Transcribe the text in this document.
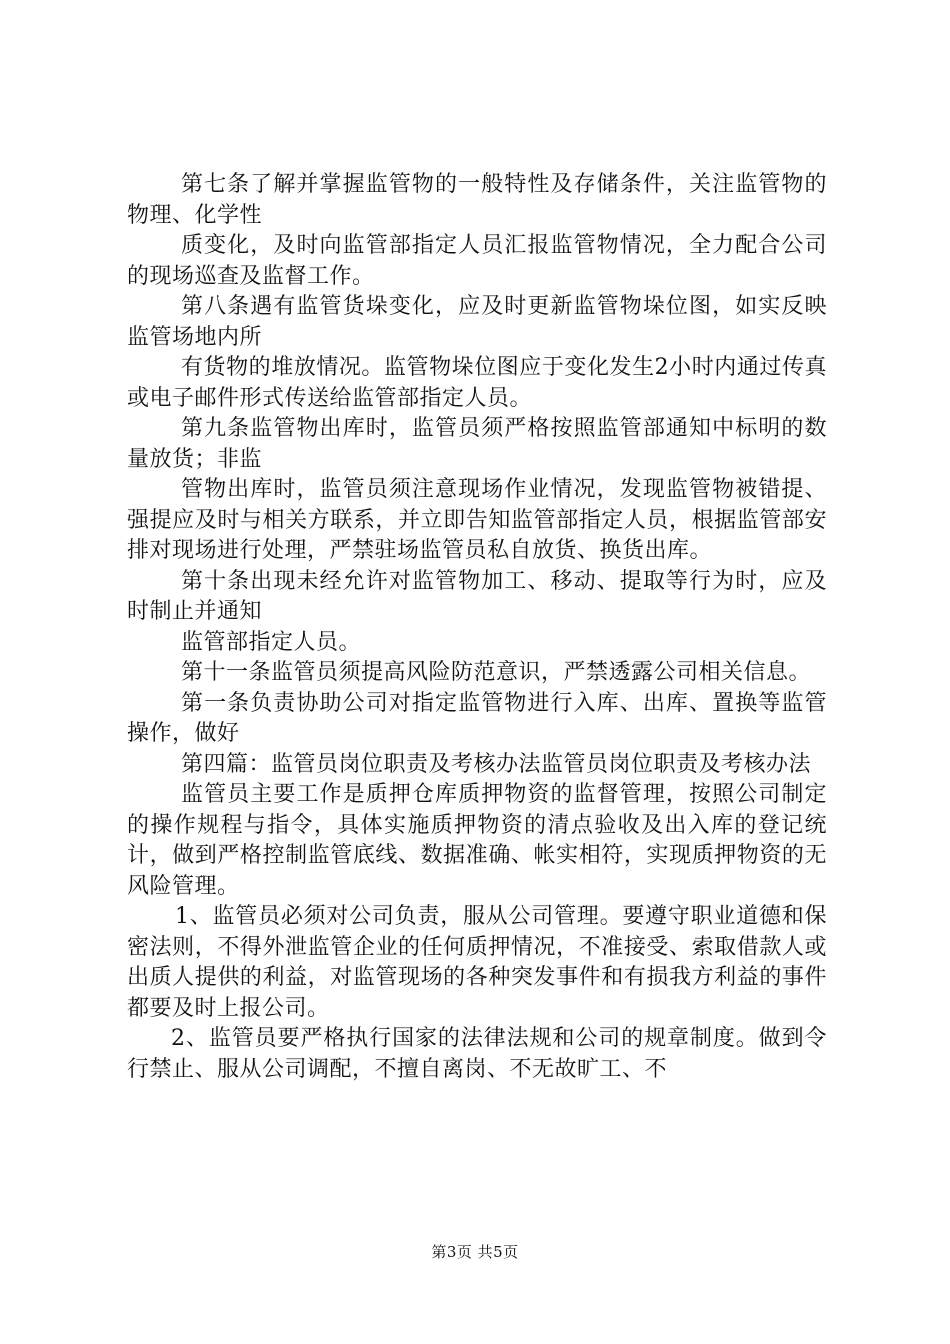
第七条了解并掌握监管物的一般特性及存储条件，关注监管物的物理、化学性

质变化，及时向监管部指定人员汇报监管物情况，全力配合公司的现场巡查及监督工作。

第八条遇有监管货垛变化，应及时更新监管物垛位图，如实反映监管场地内所

有货物的堆放情况。监管物垛位图应于变化发生2小时内通过传真或电子邮件形式传送给监管部指定人员。

第九条监管物出库时，监管员须严格按照监管部通知中标明的数量放货；非监

管物出库时，监管员须注意现场作业情况，发现监管物被错提、强提应及时与相关方联系，并立即告知监管部指定人员，根据监管部安排对现场进行处理，严禁驻场监管员私自放货、换货出库。

第十条出现未经允许对监管物加工、移动、提取等行为时，应及时制止并通知

监管部指定人员。

第十一条监管员须提高风险防范意识，严禁透露公司相关信息。

第一条负责协助公司对指定监管物进行入库、出库、置换等监管操作，做好

第四篇：监管员岗位职责及考核办法监管员岗位职责及考核办法

监管员主要工作是质押仓库质押物资的监督管理，按照公司制定的操作规程与指令，具体实施质押物资的清点验收及出入库的登记统计，做到严格控制监管底线、数据准确、帐实相符，实现质押物资的无风险管理。

1、监管员必须对公司负责，服从公司管理。要遵守职业道德和保密法则，不得外泄监管企业的任何质押情况，不准接受、索取借款人或出质人提供的利益，对监管现场的各种突发事件和有损我方利益的事件都要及时上报公司。

2、监管员要严格执行国家的法律法规和公司的规章制度。做到令行禁止、服从公司调配，不擅自离岗、不无故旷工、不

第3页 共5页
